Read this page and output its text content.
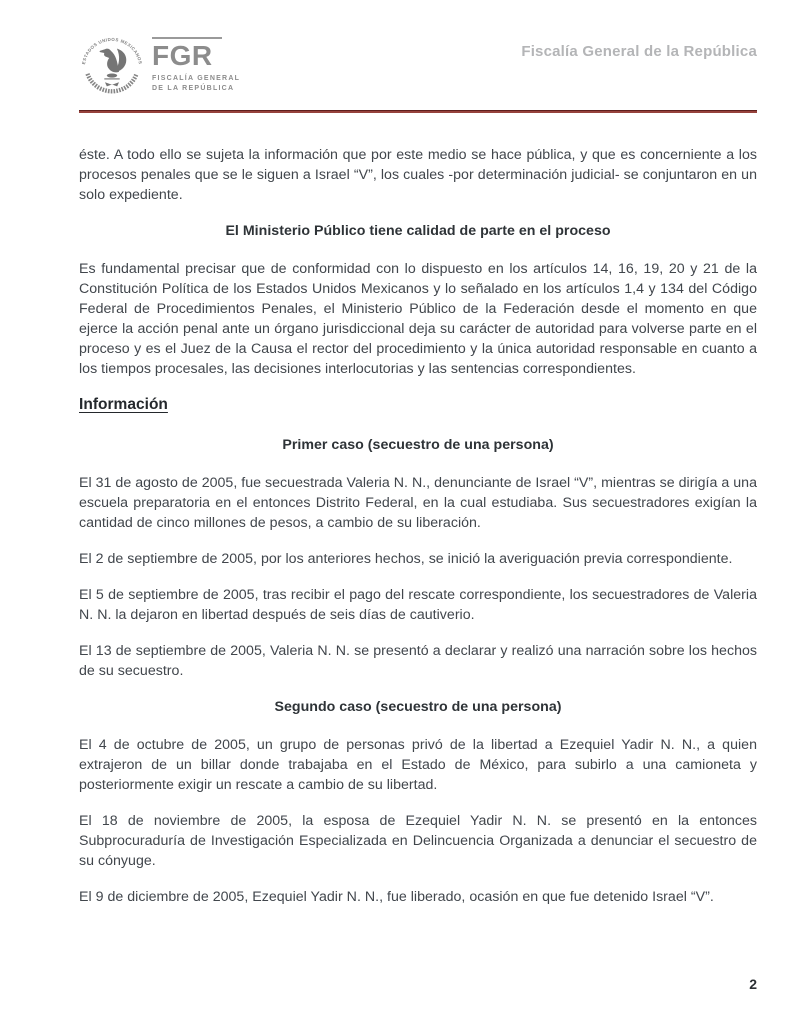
ESTADOS UNIDOS MEXICANOS FGR
FISCALÍA GENERAL
DE LA REPÚBLICA
Fiscalía General de la República

éste. A todo ello se sujeta la información que por este medio se hace pública, y que es concerniente a los procesos penales que se le siguen a Israel “V”, los cuales -por determinación judicial- se conjuntaron en un solo expediente.

El Ministerio Público tiene calidad de parte en el proceso

Es fundamental precisar que de conformidad con lo dispuesto en los artículos 14, 16, 19, 20 y 21 de la Constitución Política de los Estados Unidos Mexicanos y lo señalado en los artículos 1,4 y 134 del Código Federal de Procedimientos Penales, el Ministerio Público de la Federación desde el momento en que ejerce la acción penal ante un órgano jurisdiccional deja su carácter de autoridad para volverse parte en el proceso y es el Juez de la Causa el rector del procedimiento y la única autoridad responsable en cuanto a los tiempos procesales, las decisiones interlocutorias y las sentencias correspondientes.

Información
Primer caso (secuestro de una persona)

El 31 de agosto de 2005, fue secuestrada Valeria N. N., denunciante de Israel “V”, mientras se dirigía a una escuela preparatoria en el entonces Distrito Federal, en la cual estudiaba. Sus secuestradores exigían la cantidad de cinco millones de pesos, a cambio de su liberación.

El 2 de septiembre de 2005, por los anteriores hechos, se inició la averiguación previa correspondiente.

El 5 de septiembre de 2005, tras recibir el pago del rescate correspondiente, los secuestradores de Valeria N. N. la dejaron en libertad después de seis días de cautiverio.

El 13 de septiembre de 2005, Valeria N. N. se presentó a declarar y realizó una narración sobre los hechos de su secuestro.

Segundo caso (secuestro de una persona)

El 4 de octubre de 2005, un grupo de personas privó de la libertad a Ezequiel Yadir N. N., a quien extrajeron de un billar donde trabajaba en el Estado de México, para subirlo a una camioneta y posteriormente exigir un rescate a cambio de su libertad.

El 18 de noviembre de 2005, la esposa de Ezequiel Yadir N. N. se presentó en la entonces Subprocuraduría de Investigación Especializada en Delincuencia Organizada a denunciar el secuestro de su cónyuge.

El 9 de diciembre de 2005, Ezequiel Yadir N. N., fue liberado, ocasión en que fue detenido Israel “V”.

2
